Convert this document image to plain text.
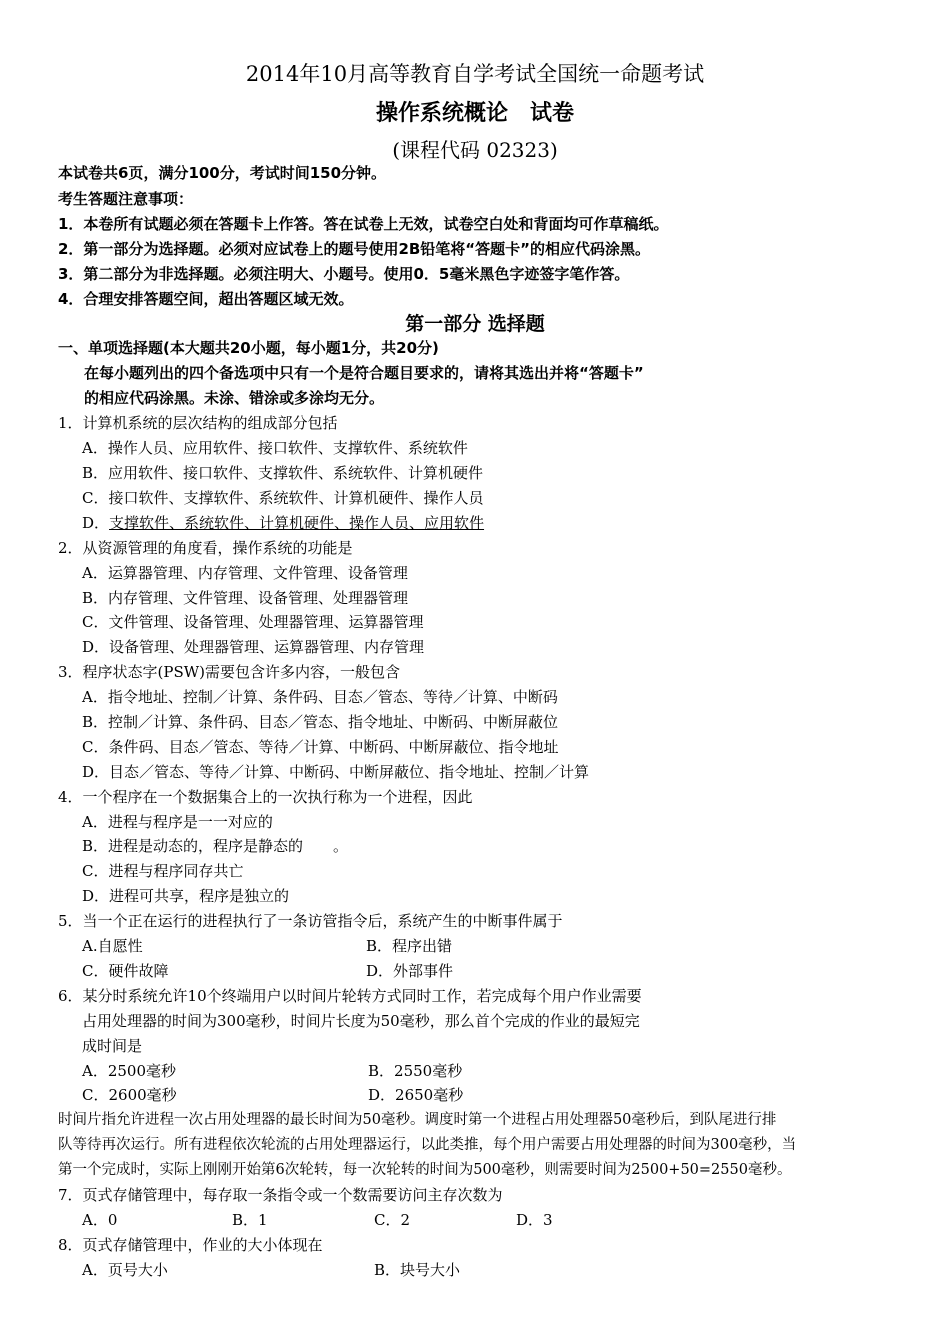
2014年10月高等教育自学考试全国统一命题考试
操作系统概论　试卷
(课程代码 02323)
本试卷共6页，满分100分，考试时间150分钟。
考生答题注意事项：
1．本卷所有试题必须在答题卡上作答。答在试卷上无效，试卷空白处和背面均可作草稿纸。
2．第一部分为选择题。必须对应试卷上的题号使用2B铅笔将“答题卡”的相应代码涂黑。
3．第二部分为非选择题。必须注明大、小题号。使用0．5毫米黑色字迹签字笔作答。
4．合理安排答题空间，超出答题区域无效。
第一部分 选择题
一、单项选择题(本大题共20小题，每小题1分，共20分)
在每小题列出的四个备选项中只有一个是符合题目要求的，请将其选出并将“答题卡”
的相应代码涂黑。未涂、错涂或多涂均无分。
1．计算机系统的层次结构的组成部分包括
A．操作人员、应用软件、接口软件、支撑软件、系统软件
B．应用软件、接口软件、支撑软件、系统软件、计算机硬件
C．接口软件、支撑软件、系统软件、计算机硬件、操作人员
D．支撑软件、系统软件、计算机硬件、操作人员、应用软件
2．从资源管理的角度看，操作系统的功能是
A．运算器管理、内存管理、文件管理、设备管理
B．内存管理、文件管理、设备管理、处理器管理
C．文件管理、设备管理、处理器管理、运算器管理
D．设备管理、处理器管理、运算器管理、内存管理
3．程序状态字(PSW)需要包含许多内容，一般包含
A．指令地址、控制／计算、条件码、目态／管态、等待／计算、中断码
B．控制／计算、条件码、目态／管态、指令地址、中断码、中断屏蔽位
C．条件码、目态／管态、等待／计算、中断码、中断屏蔽位、指令地址
D．目态／管态、等待／计算、中断码、中断屏蔽位、指令地址、控制／计算
4．一个程序在一个数据集合上的一次执行称为一个进程，因此
A．进程与程序是一一对应的
B．进程是动态的，程序是静态的　　。
C．进程与程序同存共亡
D．进程可共享，程序是独立的
5．当一个正在运行的进程执行了一条访管指令后，系统产生的中断事件属于
A.自愿性	B．程序出错
C．硬件故障	D．外部事件
6．某分时系统允许10个终端用户以时间片轮转方式同时工作，若完成每个用户作业需要
占用处理器的时间为300毫秒，时间片长度为50毫秒，那么首个完成的作业的最短完
成时间是
A．2500毫秒	B．2550毫秒
C．2600毫秒	D．2650毫秒
时间片指允许进程一次占用处理器的最长时间为50毫秒。调度时第一个进程占用处理器50毫秒后，到队尾进行排
队等待再次运行。所有进程依次轮流的占用处理器运行，以此类推，每个用户需要占用处理器的时间为300毫秒，当
第一个完成时，实际上刚刚开始第6次轮转，每一次轮转的时间为500毫秒，则需要时间为2500+50=2550毫秒。
7．页式存储管理中，每存取一条指令或一个数需要访问主存次数为
A．0	B．1	C．2	D．3
8．页式存储管理中，作业的大小体现在
A．页号大小	B．块号大小
